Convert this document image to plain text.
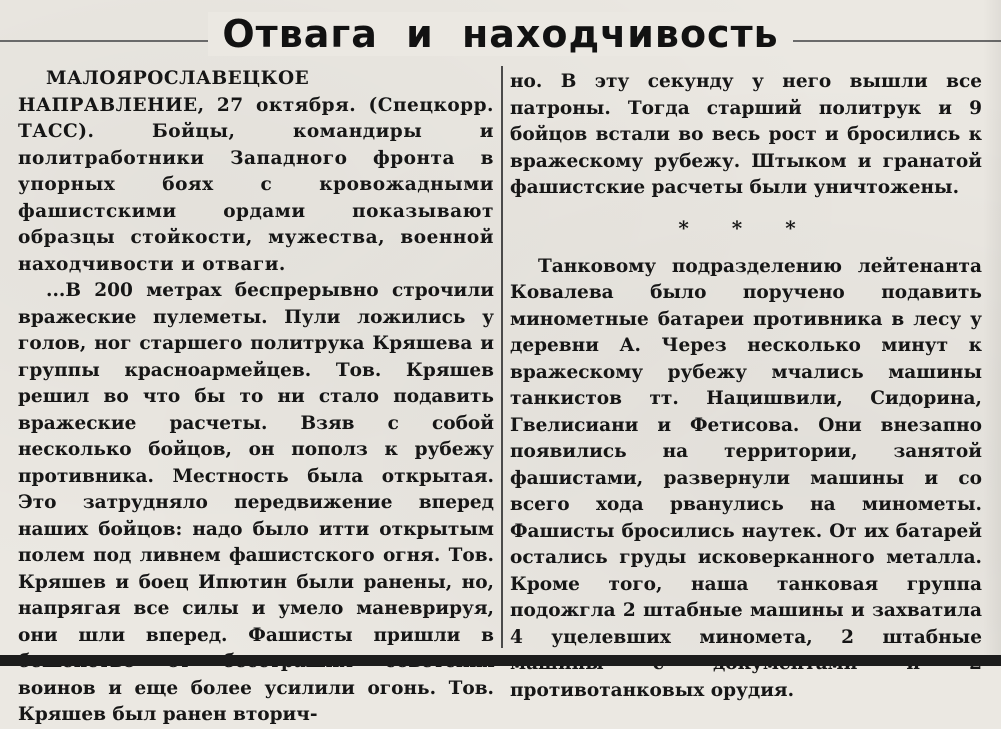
Отвага и находчивость

МАЛОЯРОСЛАВЕЦКОЕ НАПРАВЛЕНИЕ, 27 октября. (Спецкорр. ТАСС). Бойцы, командиры и политработники Западного фронта в упорных боях с кровожадными фашистскими ордами показывают образцы стойкости, мужества, военной находчивости и отваги.

...В 200 метрах беспрерывно строчили вражеские пулеметы. Пули ложились у голов, ног старшего политрука Кряшева и группы красноармейцев. Тов. Кряшев решил во что бы то ни стало подавить вражеские расчеты. Взяв с собой несколько бойцов, он пополз к рубежу противника. Местность была открытая. Это затрудняло передвижение вперед наших бойцов: надо было итти открытым полем под ливнем фашистского огня. Тов. Кряшев и боец Ипютин были ранены, но, напрягая все силы и умело маневрируя, они шли вперед. Фашисты пришли в воинов и еще более усилили огонь. Тов. Кряшев был ранен вторич-

но. В эту секунду у него вышли все патроны. Тогда старший политрук и 9 бойцов встали во весь рост и бросились к вражескому рубежу. Штыком и гранатой фашистские расчеты были уничтожены.

* * *

Танковому подразделению лейтенанта Ковалева было поручено подавить минометные батареи противника в лесу у деревни А. Через несколько минут к вражескому рубежу мчались машины танкистов тт. Нацишвили, Сидорина, Гвелисиани и Фетисова. Они внезапно появились на территории, занятой фашистами, развернули машины и со всего хода рванулись на минометы. Фашисты бросились наутек. От их батарей остались груды исковерканного металла. Кроме того, наша танковая группа подожгла 2 штабные машины и захватила 4 уцелевших миномета, 2 штабные противотанковых орудия.
